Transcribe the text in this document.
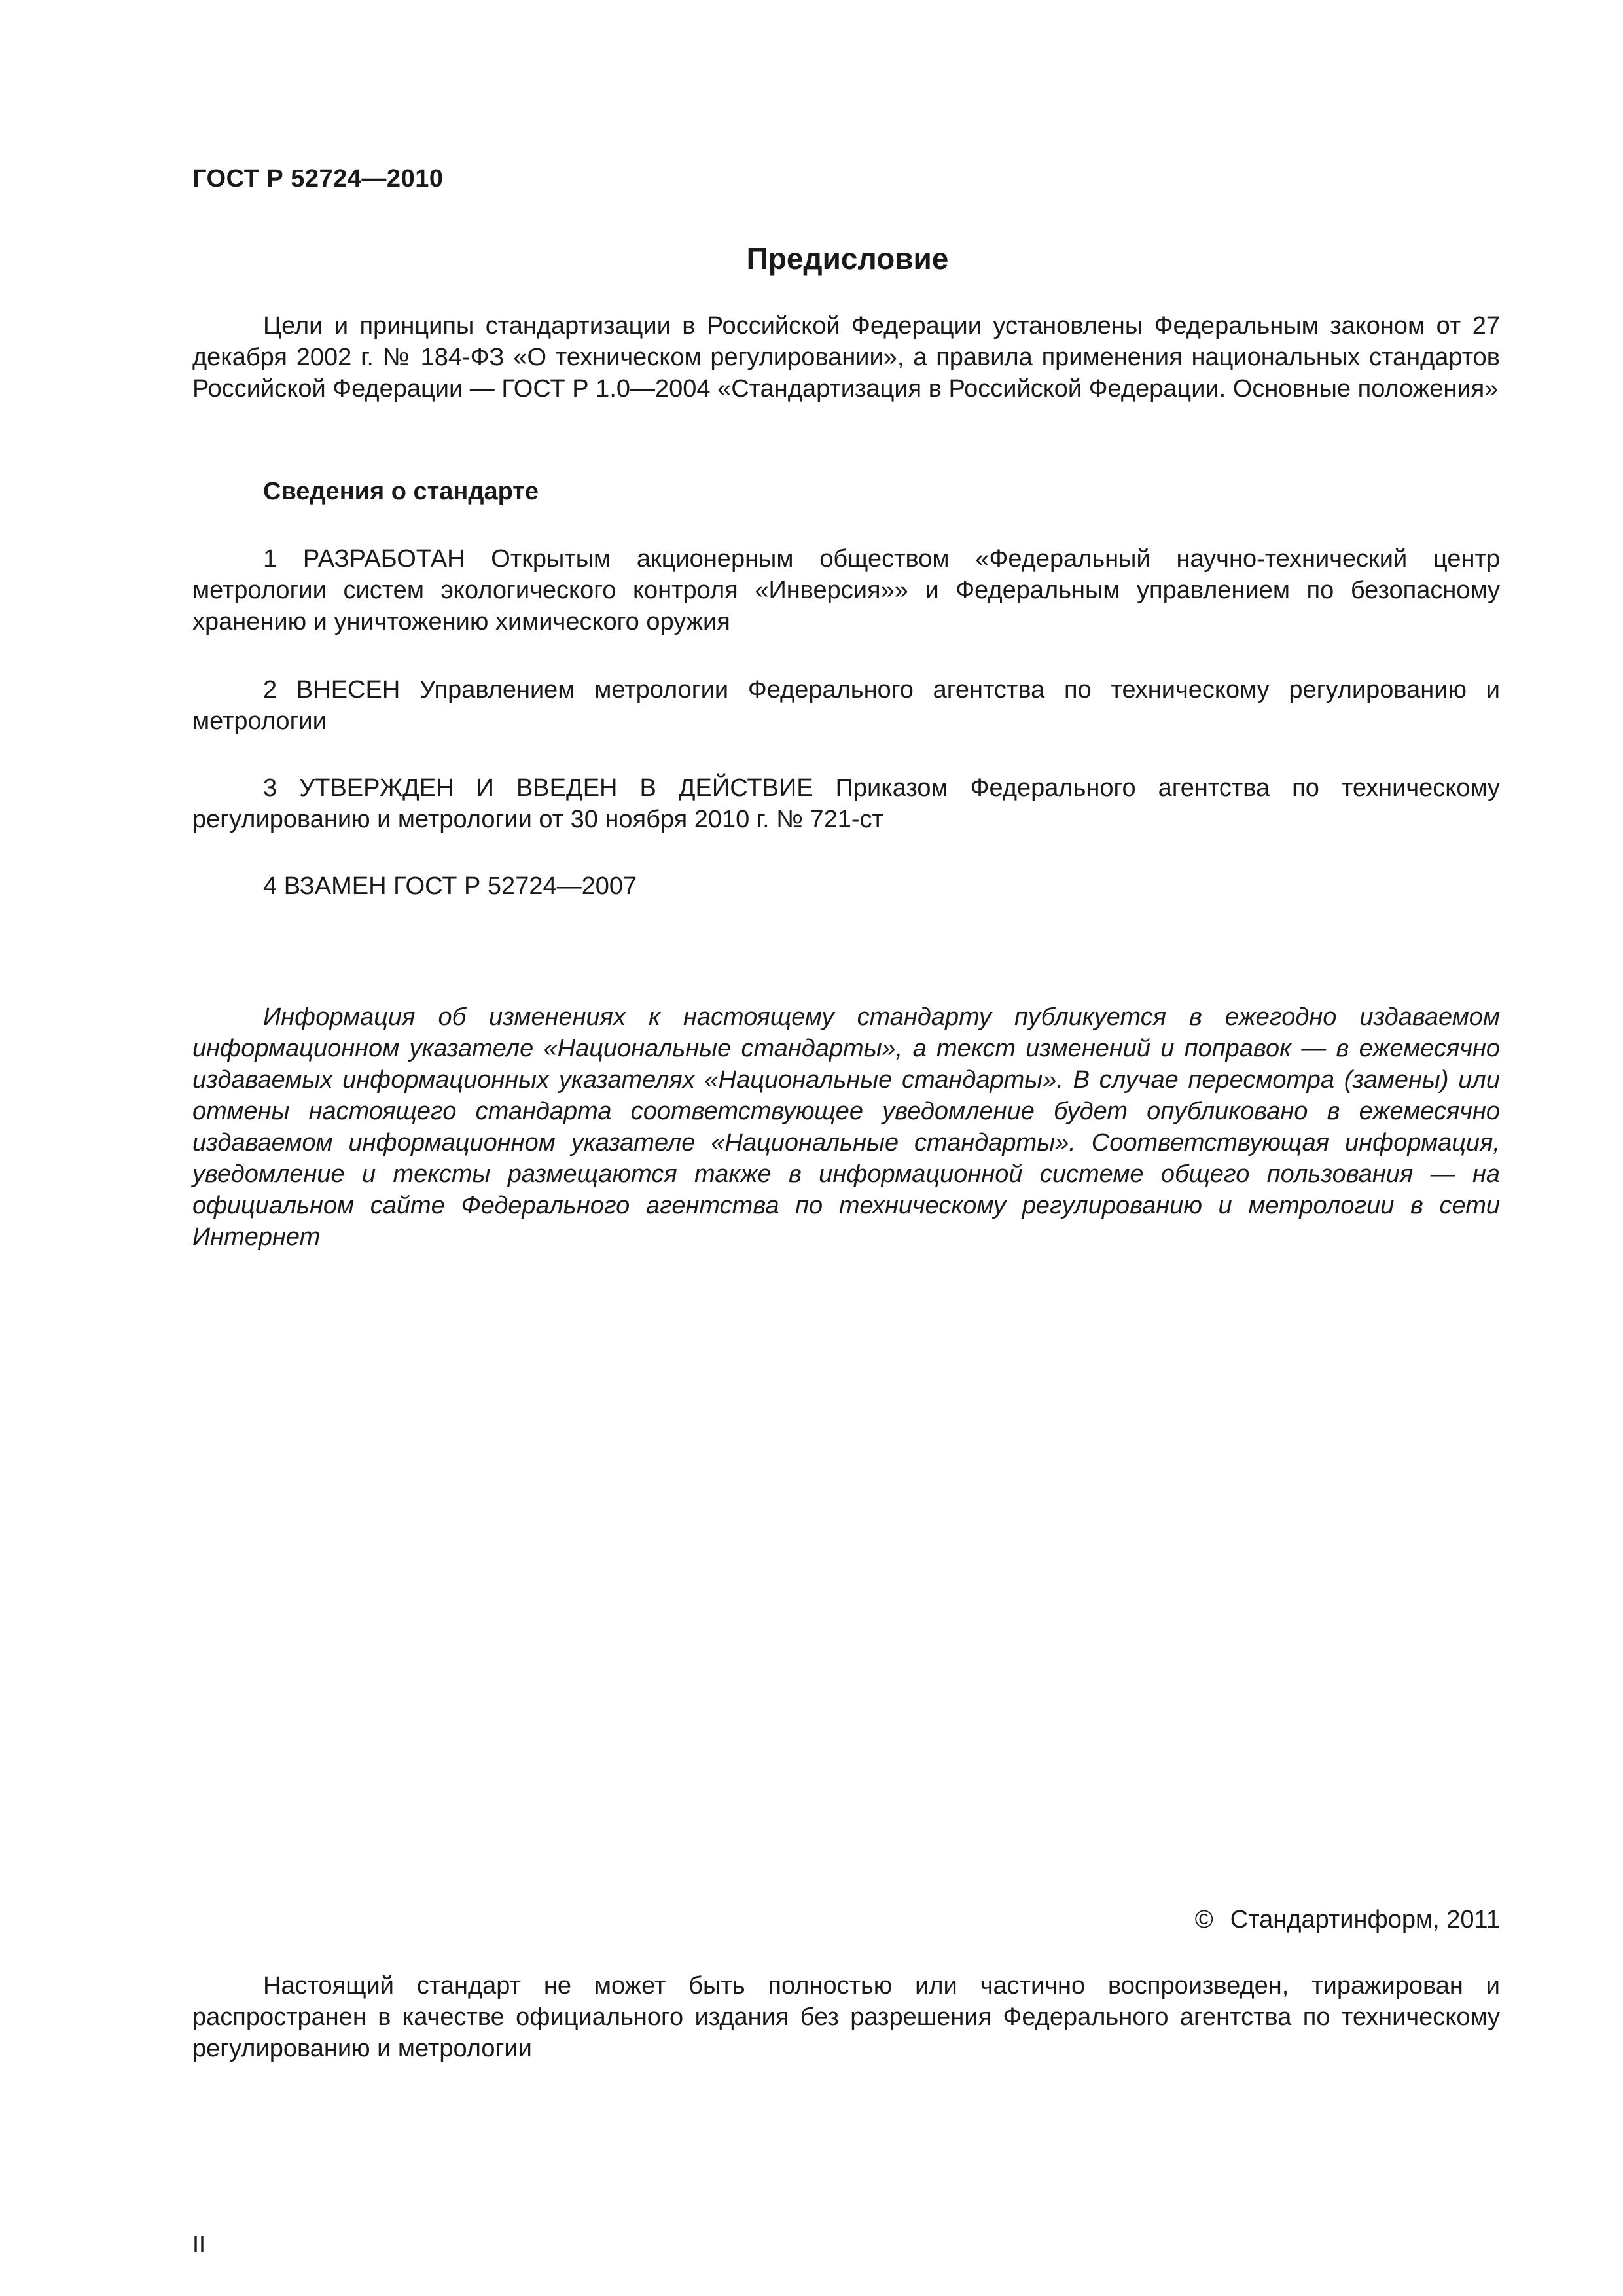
ГОСТ Р 52724—2010
Предисловие

Цели и принципы стандартизации в Российской Федерации установлены Федеральным законом от 27 декабря 2002 г. № 184-ФЗ «О техническом регулировании», а правила применения национальных стандартов Российской Федерации — ГОСТ Р 1.0—2004 «Стандартизация в Российской Федерации. Основные положения»

Сведения о стандарте

1 РАЗРАБОТАН Открытым акционерным обществом «Федеральный научно-технический центр метрологии систем экологического контроля «Инверсия»» и Федеральным управлением по безопасному хранению и уничтожению химического оружия

2 ВНЕСЕН Управлением метрологии Федерального агентства по техническому регулированию и метрологии

3 УТВЕРЖДЕН И ВВЕДЕН В ДЕЙСТВИЕ Приказом Федерального агентства по техническому регулированию и метрологии от 30 ноября 2010 г. № 721-ст

4 ВЗАМЕН ГОСТ Р 52724—2007

Информация об изменениях к настоящему стандарту публикуется в ежегодно издаваемом информационном указателе «Национальные стандарты», а текст изменений и поправок — в ежемесячно издаваемых информационных указателях «Национальные стандарты». В случае пересмотра (замены) или отмены настоящего стандарта соответствующее уведомление будет опубликовано в ежемесячно издаваемом информационном указателе «Национальные стандарты». Соответствующая информация, уведомление и тексты размещаются также в информационной системе общего пользования — на официальном сайте Федерального агентства по техническому регулированию и метрологии в сети Интернет

© Стандартинформ, 2011

Настоящий стандарт не может быть полностью или частично воспроизведен, тиражирован и распространен в качестве официального издания без разрешения Федерального агентства по техническому регулированию и метрологии

II
